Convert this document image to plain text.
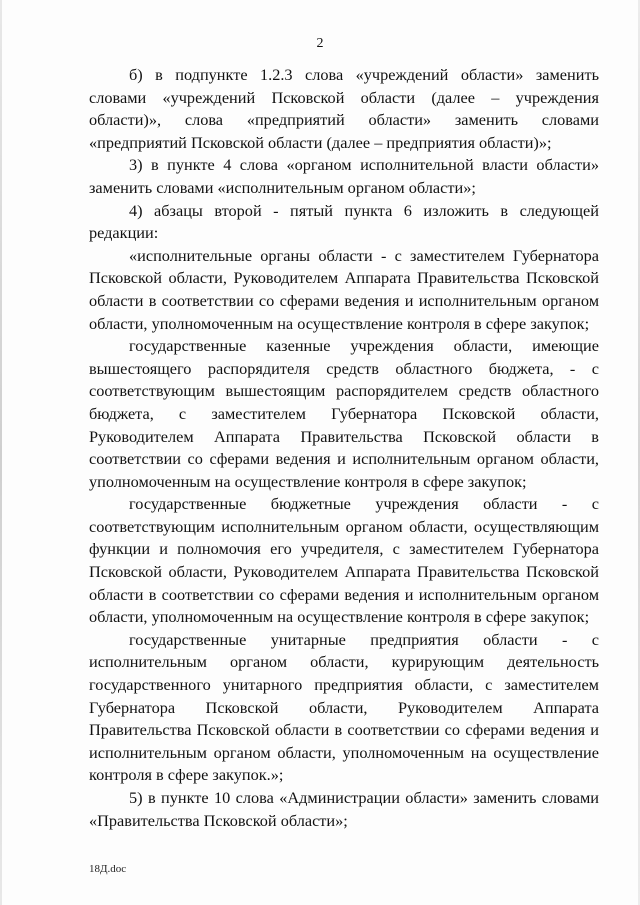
2

б) в подпункте 1.2.3 слова «учреждений области» заменить словами «учреждений Псковской области (далее – учреждения области)», слова «предприятий области» заменить словами «предприятий Псковской области (далее – предприятия области)»;

3) в пункте 4 слова «органом исполнительной власти области» заменить словами «исполнительным органом области»;

4) абзацы второй - пятый пункта 6 изложить в следующей редакции:

«исполнительные органы области - с заместителем Губернатора Псковской области, Руководителем Аппарата Правительства Псковской области в соответствии со сферами ведения и исполнительным органом области, уполномоченным на осуществление контроля в сфере закупок;

государственные казенные учреждения области, имеющие вышестоящего распорядителя средств областного бюджета, - с соответствующим вышестоящим распорядителем средств областного бюджета, с заместителем Губернатора Псковской области, Руководителем Аппарата Правительства Псковской области в соответствии со сферами ведения и исполнительным органом области, уполномоченным на осуществление контроля в сфере закупок;

государственные бюджетные учреждения области - с соответствующим исполнительным органом области, осуществляющим функции и полномочия его учредителя, с заместителем Губернатора Псковской области, Руководителем Аппарата Правительства Псковской области в соответствии со сферами ведения и исполнительным органом области, уполномоченным на осуществление контроля в сфере закупок;

государственные унитарные предприятия области - с исполнительным органом области, курирующим деятельность государственного унитарного предприятия области, с заместителем Губернатора Псковской области, Руководителем Аппарата Правительства Псковской области в соответствии со сферами ведения и исполнительным органом области, уполномоченным на осуществление контроля в сфере закупок.»;

5) в пункте 10 слова «Администрации области» заменить словами «Правительства Псковской области»;

18Д.doc
